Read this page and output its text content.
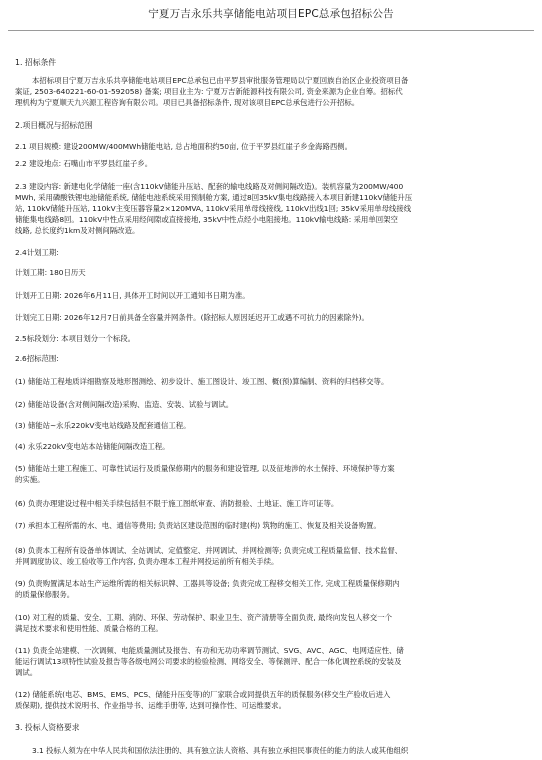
宁夏万吉永乐共享储能电站项目EPC总承包招标公告
1. 招标条件
本招标项目宁夏万吉永乐共享储能电站项目EPC总承包已由平罗县审批服务管理局以宁夏回族自治区企业投资项目备
案证, 2503-640221-60-01-592058) 备案; 项目业主为: 宁夏万吉新能源科技有限公司, 资金来源为企业自筹。招标代
理机构为宁夏顺天九兴源工程咨询有限公司。项目已具备招标条件, 现对该项目EPC总承包进行公开招标。
2.项目概况与招标范围
2.1 项目规模: 建设200MW/400MWh储能电站, 总占地面积约50亩, 位于平罗县红崖子乡金海路西侧。
2.2 建设地点: 石嘴山市平罗县红崖子乡。
2.3 建设内容: 新建电化学储能一座(含110kV储能升压站、配套的输电线路及对侧间隔改造)。装机容量为200MW/400
MWh, 采用磷酸铁锂电池储能系统, 储能电池系统采用预制舱方案, 通过8回35kV集电线路接入本项目新建110kV储能升压
站, 110kV储能升压站, 110kV主变压器容量2×120MVA, 110kV采用单母线接线, 110kV出线1回; 35kV采用单母线接线
储能集电线路8回。110kV中性点采用经间隙或直接接地, 35kV中性点经小电阻接地。110kV输电线路: 采用单回架空
线路, 总长度约1km及对侧间隔改造。
2.4计划工期:
计划工期: 180日历天
计划开工日期: 2026年6月11日, 具体开工时间以开工通知书日期为准。
计划完工日期: 2026年12月7日前具备全容量并网条件。(除招标人原因延迟开工或遇不可抗力的因素除外)。
2.5标段划分: 本项目划分一个标段。
2.6招标范围:
(1) 储能站工程地质详细勘察及地形图测绘、初步设计、施工图设计、竣工图、概(预)算编制、资料的归档移交等。
(2) 储能站设备(含对侧间隔改造)采购、监造、安装、试验与调试。
(3) 储能站~永乐220kV变电站线路及配套通信工程。
(4) 永乐220kV变电站本站储能间隔改造工程。
(5) 储能站土建工程施工、可靠性试运行及质量保修期内的服务和建设管理, 以及征地涉的水土保持、环境保护等方案
的实施。
(6) 负责办理建设过程中相关手续包括但不限于施工图纸审查、消防报验、土地证、施工许可证等。
(7) 承担本工程所需的水、电、通信等费用; 负责站区建设范围的临时建(构) 筑物的施工、恢复及相关设备购置。
(8) 负责本工程所有设备单体调试、全站调试、定值整定、并网调试、并网检测等; 负责完成工程质量监督、技术监督、
并网调度协议、竣工验收等工作内容, 负责办理本工程并网投运前所有相关手续。
(9) 负责购置满足本站生产运维所需的相关标识牌、工器具等设备; 负责完成工程移交相关工作, 完成工程质量保修期内
的质量保修服务。
(10) 对工程的质量、安全、工期、消防、环保、劳动保护、职业卫生、资产清册等全面负责, 最终向发包人移交一个
满足技术要求和使用性能、质量合格的工程。
(11) 负责全站建模、一次调频、电能质量测试及报告、有功和无功功率调节测试、SVG、AVC、AGC、电网适应性、储
能运行调试13项特性试验及报告等各级电网公司要求的检验检测、网络安全、等保测评、配合一体化调控系统的安装及
调试。
(12) 储能系统(电芯、BMS、EMS、PCS、储能升压变等)的厂家联合或同提供五年的质保服务(移交生产验收后进入
质保期), 提供技术说明书、作业指导书、运维手册等, 达到可操作性、可运维要求。
3. 投标人资格要求
3.1 投标人须为在中华人民共和国依法注册的、具有独立法人资格、具有独立承担民事责任的能力的法人或其他组织
